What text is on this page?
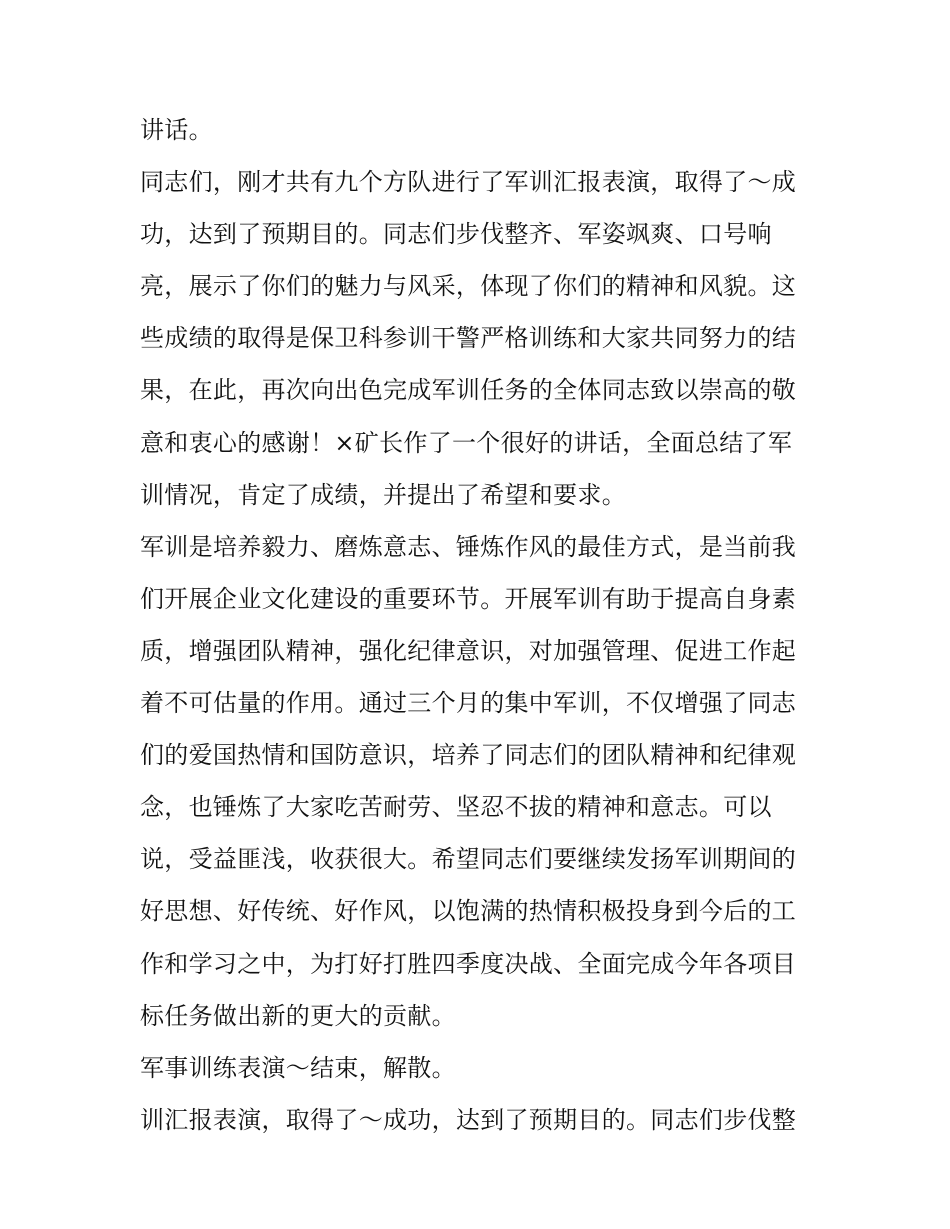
讲话。
同志们，刚才共有九个方队进行了军训汇报表演，取得了～成
功，达到了预期目的。同志们步伐整齐、军姿飒爽、口号响
亮，展示了你们的魅力与风采，体现了你们的精神和风貌。这
些成绩的取得是保卫科参训干警严格训练和大家共同努力的结
果，在此，再次向出色完成军训任务的全体同志致以崇高的敬
意和衷心的感谢！×矿长作了一个很好的讲话，全面总结了军
训情况，肯定了成绩，并提出了希望和要求。
军训是培养毅力、磨炼意志、锤炼作风的最佳方式，是当前我
们开展企业文化建设的重要环节。开展军训有助于提高自身素
质，增强团队精神，强化纪律意识，对加强管理、促进工作起
着不可估量的作用。通过三个月的集中军训，不仅增强了同志
们的爱国热情和国防意识，培养了同志们的团队精神和纪律观
念，也锤炼了大家吃苦耐劳、坚忍不拔的精神和意志。可以
说，受益匪浅，收获很大。希望同志们要继续发扬军训期间的
好思想、好传统、好作风，以饱满的热情积极投身到今后的工
作和学习之中，为打好打胜四季度决战、全面完成今年各项目
标任务做出新的更大的贡献。
军事训练表演～结束，解散。
训汇报表演，取得了～成功，达到了预期目的。同志们步伐整
